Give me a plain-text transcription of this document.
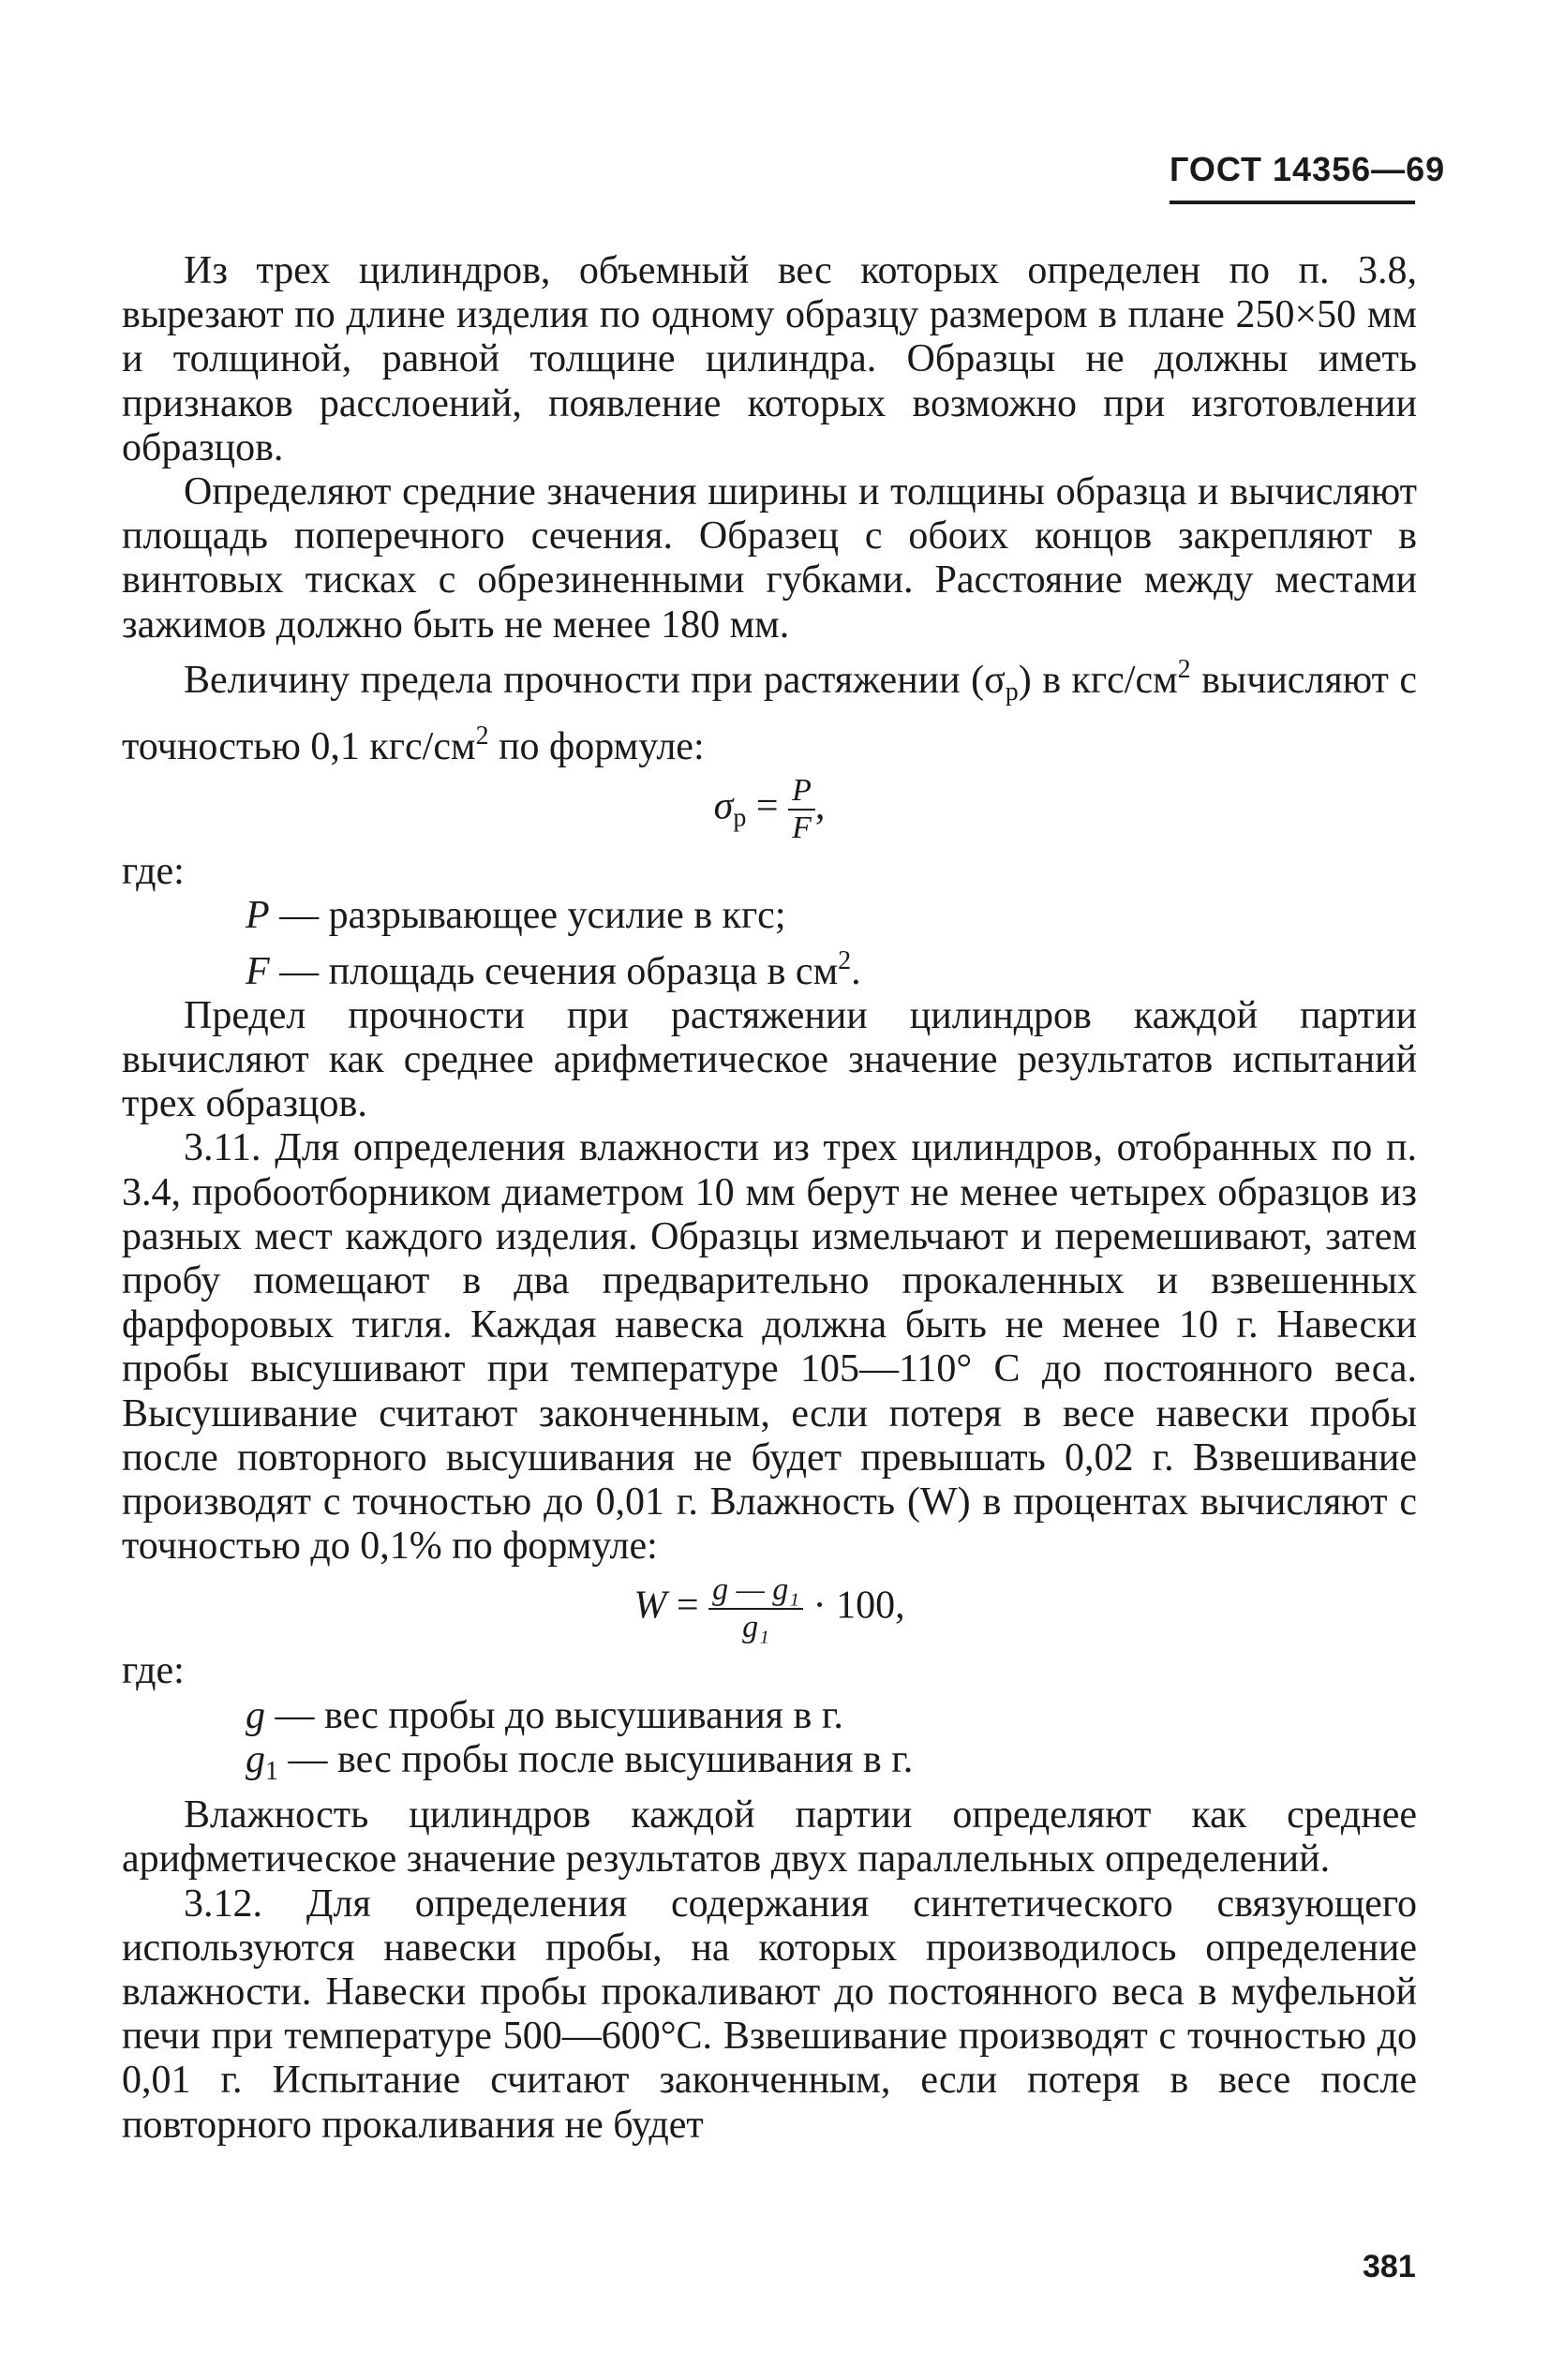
ГОСТ 14356—69

Из трех цилиндров, объемный вес которых определен по п. 3.8, вырезают по длине изделия по одному образцу размером в плане 250×50 мм и толщиной, равной толщине цилиндра. Образцы не должны иметь признаков расслоений, появление которых возможно при изготовлении образцов.

Определяют средние значения ширины и толщины образца и вычисляют площадь поперечного сечения. Образец с обоих концов закрепляют в винтовых тисках с обрезиненными губками. Расстояние между местами зажимов должно быть не менее 180 мм.

Величину предела прочности при растяжении $(\sigma_р)$ в кгс/$см^2$ вычисляют с точностью 0,1 кгс/$см^2$ по формуле:

$\sigma_р = \frac{P}{F}$ ,

где:

P — разрывающее усилие в кгс;

F — площадь сечения образца в $см^2$.

Предел прочности при растяжении цилиндров каждой партии вычисляют как среднее арифметическое значение результатов испытаний трех образцов.

3.11. Для определения влажности из трех цилиндров, отобранных по п. 3.4, пробоотборником диаметром 10 мм берут не менее четырех образцов из разных мест каждого изделия. Образцы измельчают и перемешивают, затем пробу помещают в два предварительно прокаленных и взвешенных фарфоровых тигля. Каждая навеска должна быть не менее 10 г. Навески пробы высушивают при температуре 105—110° С до постоянного веса. Высушивание считают законченным, если потеря в весе навески пробы после повторного высушивания не будет превышать 0,02 г. Взвешивание производят с точностью до 0,01 г. Влажность (W) в процентах вычисляют с точностью до 0,1% по формуле:

$W = \frac{\text{g — g₁}}{\text{g₁}} \cdot 100$,

где:

g — вес пробы до высушивания в г.

$g_1$ — вес пробы после высушивания в г.

Влажность цилиндров каждой партии определяют как среднее арифметическое значение результатов двух параллельных определений.

3.12. Для определения содержания синтетического связующего используются навески пробы, на которых производилось определение влажности. Навески пробы прокаливают до постоянного веса в муфельной печи при температуре 500—600°С. Взвешивание производят с точностью до 0,01 г. Испытание считают законченным, если потеря в весе после повторного прокаливания не будет

381
